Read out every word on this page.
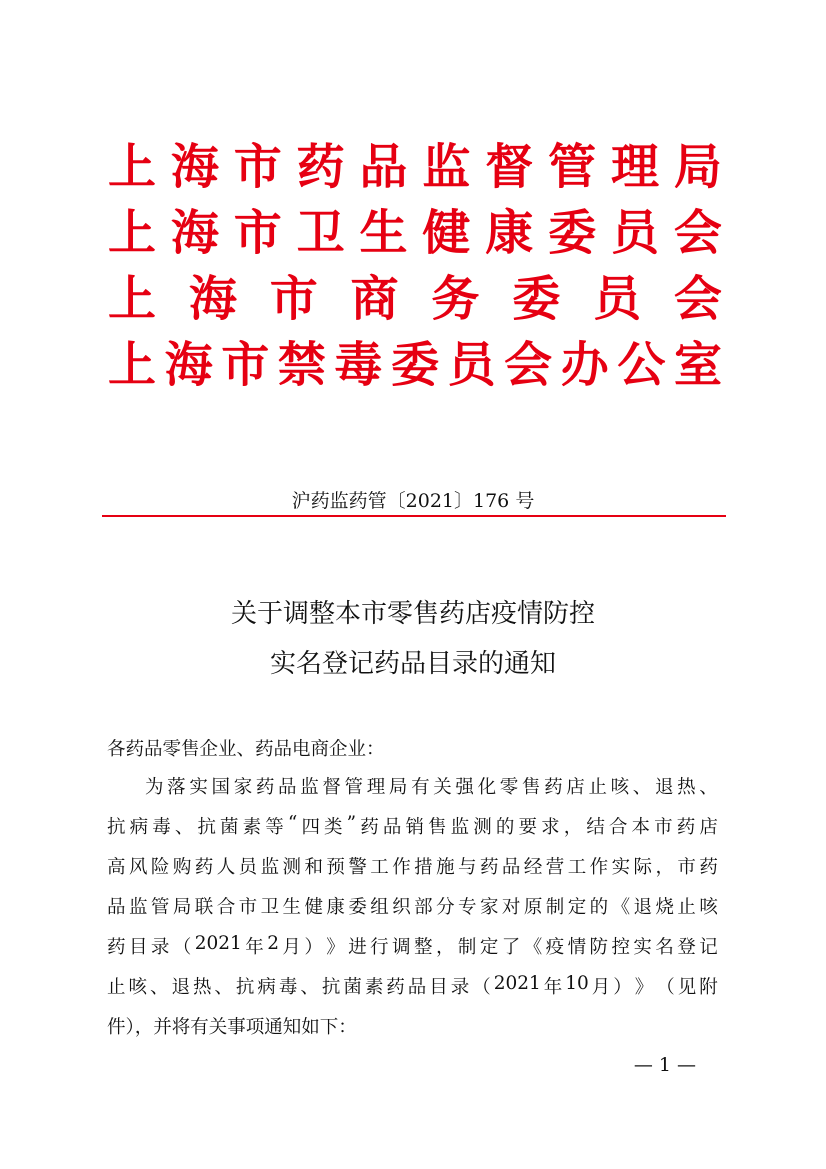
上 海 市 药 品 监 督 管 理 局
上 海 市 卫 生 健 康 委 员 会
上 海 市 商 务 委 员 会
上 海 市 禁 毒 委 员 会 办 公 室
沪药监药管〔2021〕176 号
关于调整本市零售药店疫情防控
实名登记药品目录的通知
各药品零售企业、药品电商企业：
为 落 实 国 家 药 品 监 督 管 理 局 有 关 强 化 零 售 药 店 止 咳 、 退 热 、
抗 病 毒 、 抗 菌 素 等 “ 四 类 ” 药 品 销 售 监 测 的 要 求 ， 结 合 本 市 药 店
高 风 险 购 药 人 员 监 测 和 预 警 工 作 措 施 与 药 品 经 营 工 作 实 际 ， 市 药
品 监 管 局 联 合 市 卫 生 健 康 委 组 织 部 分 专 家 对 原 制 定 的 《 退 烧 止 咳
药 目 录 （ 2021 年 2 月 ） 》 进 行 调 整 ， 制 定 了 《 疫 情 防 控 实 名 登 记
止 咳 、 退 热 、 抗 病 毒 、 抗 菌 素 药 品 目 录 （ 2021 年 10 月 ） 》 （ 见 附
件），并将有关事项通知如下：
— 1 —
